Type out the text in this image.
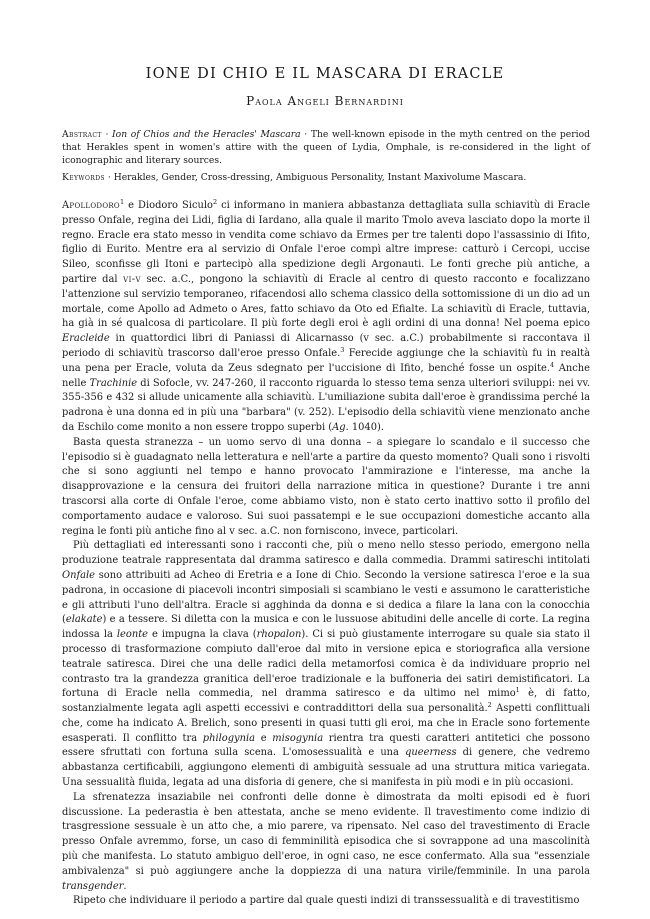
IONE DI CHIO E IL MASCARA DI ERACLE
Paola Angeli Bernardini
Abstract · Ion of Chios and the Heracles' Mascara · The well-known episode in the myth centred on the period that Herakles spent in women's attire with the queen of Lydia, Omphale, is re-considered in the light of iconographic and literary sources.
Keywords · Herakles, Gender, Cross-dressing, Ambiguous Personality, Instant Maxivolume Mascara.

Apollodoro$^1$ e Diodoro Siculo$^2$ ci informano in maniera abbastanza dettagliata sulla schiavitù di Eracle presso Onfale, regina dei Lidi, figlia di Iardano, alla quale il marito Tmolo aveva lasciato dopo la morte il regno. Eracle era stato messo in vendita come schiavo da Ermes per tre talenti dopo l'assassinio di Ifito, figlio di Eurito. Mentre era al servizio di Onfale l'eroe compì altre imprese: catturò i Cercopi, uccise Sileo, sconfisse gli Itoni e partecipò alla spedizione degli Argonauti. Le fonti greche più antiche, a partire dal vi-v sec. a.C., pongono la schiavitù di Eracle al centro di questo racconto e focalizzano l'attenzione sul servizio temporaneo, rifacendosi allo schema classico della sottomissione di un dio ad un mortale, come Apollo ad Admeto o Ares, fatto schiavo da Oto ed Efialte. La schiavitù di Eracle, tuttavia, ha già in sé qualcosa di particolare. Il più forte degli eroi è agli ordini di una donna! Nel poema epico Eracleide in quattordici libri di Paniassi di Alicarnasso (v sec. a.C.) probabilmente si raccontava il periodo di schiavitù trascorso dall'eroe presso Onfale.$^3$ Ferecide aggiunge che la schiavitù fu in realtà una pena per Eracle, voluta da Zeus sdegnato per l'uccisione di Ifito, benché fosse un ospite.$^4$ Anche nelle Trachinie di Sofocle, vv. 247-260, il racconto riguarda lo stesso tema senza ulteriori sviluppi: nei vv. 355-356 e 432 si allude unicamente alla schiavitù. L'umiliazione subita dall'eroe è grandissima perché la padrona è una donna ed in più una "barbara" (v. 252). L'episodio della schiavitù viene menzionato anche da Eschilo come monito a non essere troppo superbi (Ag. 1040).

Basta questa stranezza – un uomo servo di una donna – a spiegare lo scandalo e il successo che l'episodio si è guadagnato nella letteratura e nell'arte a partire da questo momento? Quali sono i risvolti che si sono aggiunti nel tempo e hanno provocato l'ammirazione e l'interesse, ma anche la disapprovazione e la censura dei fruitori della narrazione mitica in questione? Durante i tre anni trascorsi alla corte di Onfale l'eroe, come abbiamo visto, non è stato certo inattivo sotto il profilo del comportamento audace e valoroso. Sui suoi passatempi e le sue occupazioni domestiche accanto alla regina le fonti più antiche fino al v sec. a.C. non forniscono, invece, particolari.

Più dettagliati ed interessanti sono i racconti che, più o meno nello stesso periodo, emergono nella produzione teatrale rappresentata dal dramma satiresco e dalla commedia. Drammi satireschi intitolati Onfale sono attribuiti ad Acheo di Eretria e a Ione di Chio. Secondo la versione satiresca l'eroe e la sua padrona, in occasione di piacevoli incontri simposiali si scambiano le vesti e assumono le caratteristiche e gli attributi l'uno dell'altra. Eracle si agghinda da donna e si dedica a filare la lana con la conocchia (elakate) e a tessere. Si diletta con la musica e con le lussuose abitudini delle ancelle di corte. La regina indossa la leonte e impugna la clava (rhopalon). Ci si può giustamente interrogare su quale sia stato il processo di trasformazione compiuto dall'eroe dal mito in versione epica e storiografica alla versione teatrale satiresca. Direi che una delle radici della metamorfosi comica è da individuare proprio nel contrasto tra la grandezza granitica dell'eroe tradizionale e la buffoneria dei satiri demistificatori. La fortuna di Eracle nella commedia, nel dramma satiresco e da ultimo nel mimo$^1$ è, di fatto, sostanzialmente legata agli aspetti eccessivi e contraddittori della sua personalità.$^2$ Aspetti conflittuali che, come ha indicato A. Brelich, sono presenti in quasi tutti gli eroi, ma che in Eracle sono fortemente esasperati. Il conflitto tra philogynia e misogynia rientra tra questi caratteri antitetici che possono essere sfruttati con fortuna sulla scena. L'omosessualità e una queerness di genere, che vedremo abbastanza certificabili, aggiungono elementi di ambiguità sessuale ad una struttura mitica variegata. Una sessualità fluida, legata ad una disforia di genere, che si manifesta in più modi e in più occasioni.

La sfrenatezza insaziabile nei confronti delle donne è dimostrata da molti episodi ed è fuori discussione. La pederastia è ben attestata, anche se meno evidente. Il travestimento come indizio di trasgressione sessuale è un atto che, a mio parere, va ripensato. Nel caso del travestimento di Eracle presso Onfale avremmo, forse, un caso di femminilità episodica che si sovrappone ad una mascolinità più che manifesta. Lo statuto ambiguo dell'eroe, in ogni caso, ne esce confermato. Alla sua "essenziale ambivalenza" si può aggiungere anche la doppiezza di una natura virile/femminile. In una parola transgender.

Ripeto che individuare il periodo a partire dal quale questi indizi di transsessualità e di travestitismo
